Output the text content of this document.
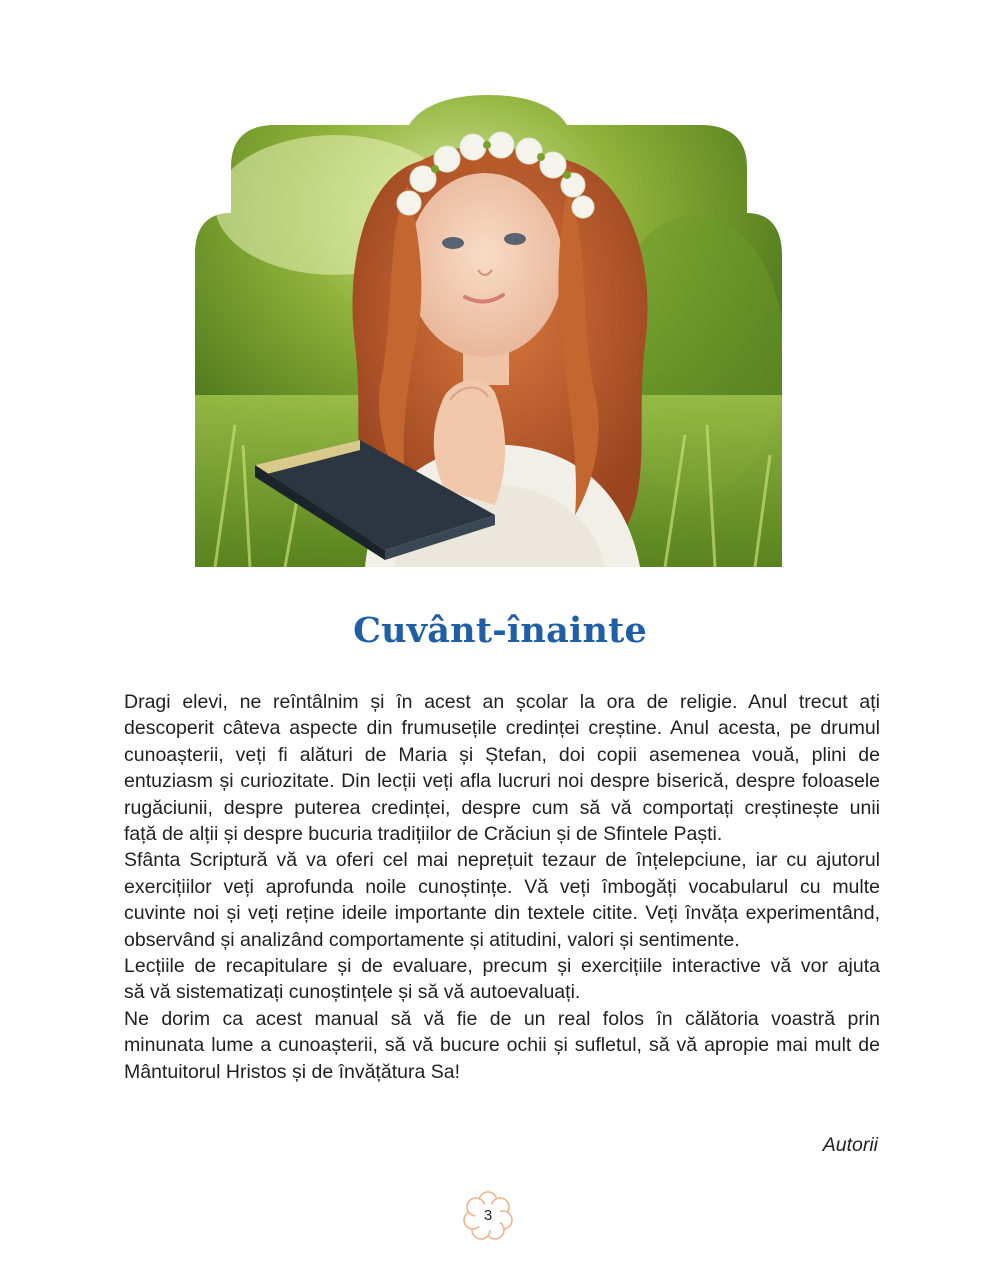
Cuvânt-înainte

Dragi elevi, ne reîntâlnim și în acest an școlar la ora de religie. Anul trecut ați
descoperit câteva aspecte din frumusețile credinței creștine. Anul acesta, pe drumul
cunoașterii, veți fi alături de Maria și Ștefan, doi copii asemenea vouă, plini de
entuziasm și curiozitate. Din lecții veți afla lucruri noi despre biserică, despre foloasele
rugăciunii, despre puterea credinței, despre cum să vă comportați creștinește unii
față de alții și despre bucuria tradițiilor de Crăciun și de Sfintele Paști.

Sfânta Scriptură vă va oferi cel mai neprețuit tezaur de înțelepciune, iar cu ajutorul
exercițiilor veți aprofunda noile cunoștințe. Vă veți îmbogăți vocabularul cu multe
cuvinte noi și veți reține ideile importante din textele citite. Veți învăța experimentând,
observând și analizând comportamente și atitudini, valori și sentimente.

Lecțiile de recapitulare și de evaluare, precum și exercițiile interactive vă vor ajuta
să vă sistematizați cunoștințele și să vă autoevaluați.

Ne dorim ca acest manual să vă fie de un real folos în călătoria voastră prin
minunata lume a cunoașterii, să vă bucure ochii și sufletul, să vă apropie mai mult de
Mântuitorul Hristos și de învățătura Sa!

Autorii
3
